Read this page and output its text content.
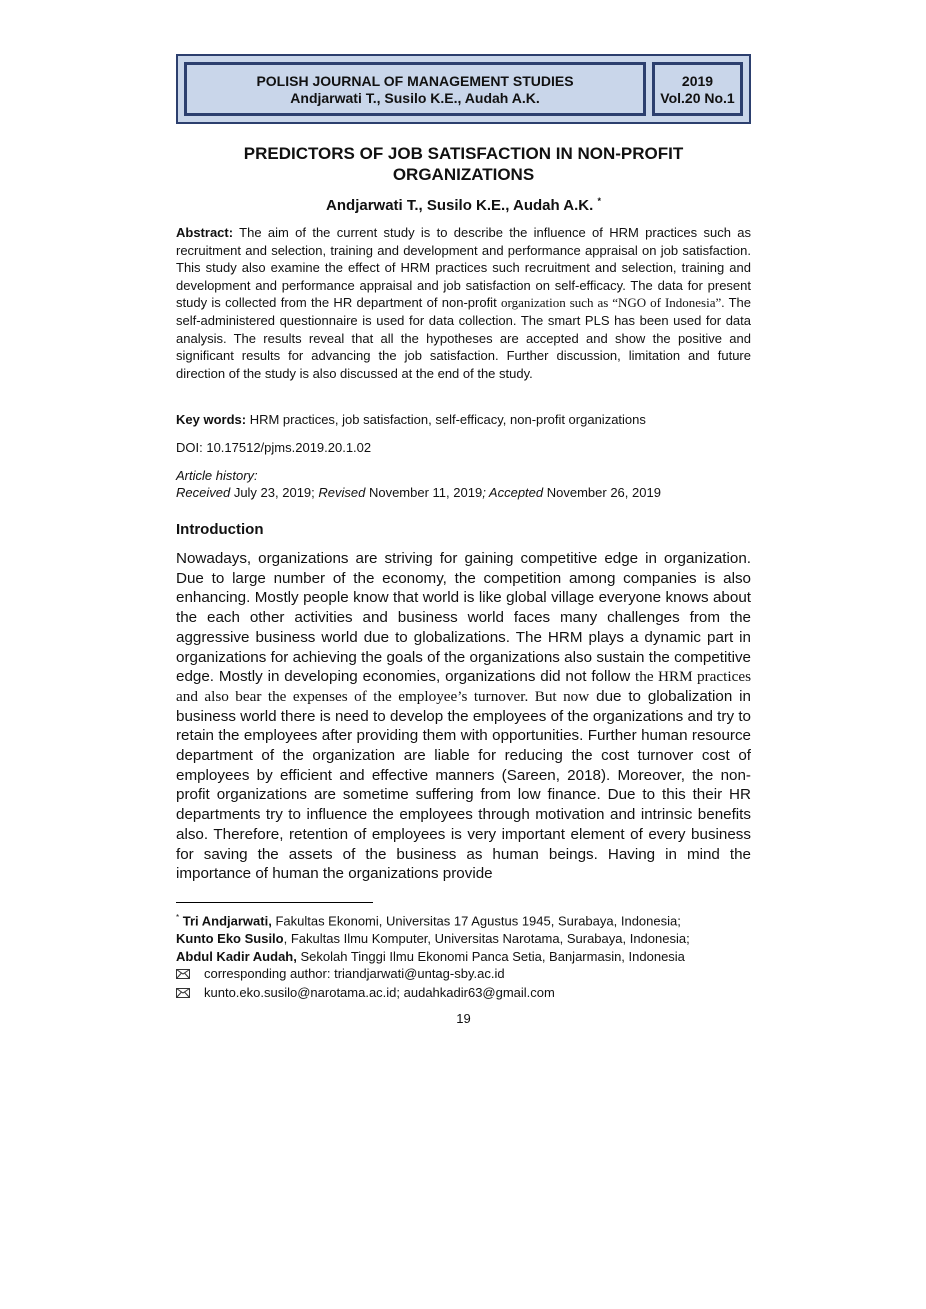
POLISH JOURNAL OF MANAGEMENT STUDIES
Andjarwati T., Susilo K.E., Audah A.K.
2019
Vol.20 No.1
PREDICTORS OF JOB SATISFACTION IN NON-PROFIT ORGANIZATIONS
Andjarwati T., Susilo K.E., Audah A.K. *
Abstract: The aim of the current study is to describe the influence of HRM practices such as recruitment and selection, training and development and performance appraisal on job satisfaction. This study also examine the effect of HRM practices such recruitment and selection, training and development and performance appraisal and job satisfaction on self-efficacy. The data for present study is collected from the HR department of non-profit organization such as “NGO of Indonesia”. The self-administered questionnaire is used for data collection. The smart PLS has been used for data analysis. The results reveal that all the hypotheses are accepted and show the positive and significant results for advancing the job satisfaction. Further discussion, limitation and future direction of the study is also discussed at the end of the study.
Key words: HRM practices, job satisfaction, self-efficacy, non-profit organizations
DOI: 10.17512/pjms.2019.20.1.02
Article history:
Received July 23, 2019; Revised November 11, 2019; Accepted November 26, 2019
Introduction
Nowadays, organizations are striving for gaining competitive edge in organization. Due to large number of the economy, the competition among companies is also enhancing. Mostly people know that world is like global village everyone knows about the each other activities and business world faces many challenges from the aggressive business world due to globalizations. The HRM plays a dynamic part in organizations for achieving the goals of the organizations also sustain the competitive edge. Mostly in developing economies, organizations did not follow the HRM practices and also bear the expenses of the employee’s turnover. But now due to globalization in business world there is need to develop the employees of the organizations and try to retain the employees after providing them with opportunities. Further human resource department of the organization are liable for reducing the cost turnover cost of employees by efficient and effective manners (Sareen, 2018). Moreover, the non-profit organizations are sometime suffering from low finance. Due to this their HR departments try to influence the employees through motivation and intrinsic benefits also. Therefore, retention of employees is very important element of every business for saving the assets of the business as human beings. Having in mind the importance of human the organizations provide
* Tri Andjarwati, Fakultas Ekonomi, Universitas 17 Agustus 1945, Surabaya, Indonesia;
Kunto Eko Susilo, Fakultas Ilmu Komputer, Universitas Narotama, Surabaya, Indonesia;
Abdul Kadir Audah, Sekolah Tinggi Ilmu Ekonomi Panca Setia, Banjarmasin, Indonesia
corresponding author: triandjarwati@untag-sby.ac.id
kunto.eko.susilo@narotama.ac.id; audahkadir63@gmail.com
19
